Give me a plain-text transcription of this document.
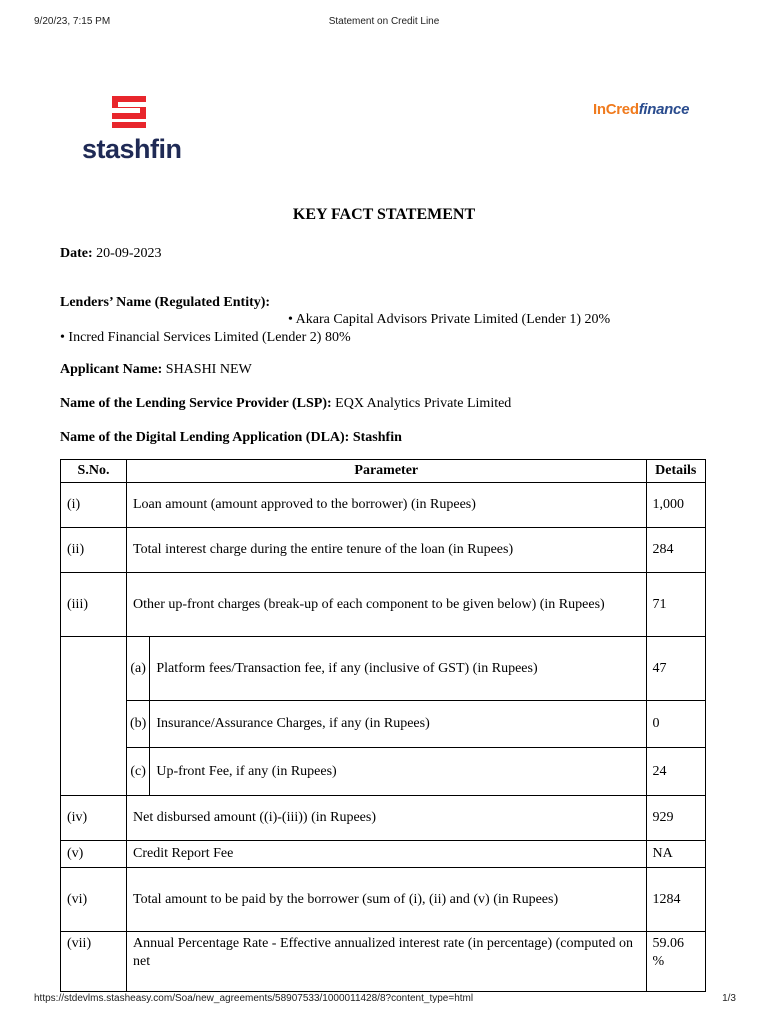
9/20/23, 7:15 PM	Statement on Credit Line
stashfin
InCredfinance
KEY FACT STATEMENT
Date: 20-09-2023
Lenders’ Name (Regulated Entity):
• Akara Capital Advisors Private Limited (Lender 1) 20%
• Incred Financial Services Limited (Lender 2) 80%
Applicant Name: SHASHI NEW
Name of the Lending Service Provider (LSP): EQX Analytics Private Limited
Name of the Digital Lending Application (DLA): Stashfin
S.No.	Parameter		Details
(i)	Loan amount (amount approved to the borrower) (in Rupees)		1,000
(ii)	Total interest charge during the entire tenure of the loan (in Rupees)		284
(iii)	Other up-front charges (break-up of each component to be given below) (in Rupees)		71
	(a)	Platform fees/Transaction fee, if any (inclusive of GST) (in Rupees)	47
	(b)	Insurance/Assurance Charges, if any (in Rupees)	0
	(c)	Up-front Fee, if any (in Rupees)	24
(iv)	Net disbursed amount ((i)-(iii)) (in Rupees)		929
(v)	Credit Report Fee		NA
(vi)	Total amount to be paid by the borrower (sum of (i), (ii) and (v) (in Rupees)		1284
(vii)	Annual Percentage Rate - Effective annualized interest rate (in percentage) (computed on net		59.06 %
https://stdevlms.stasheasy.com/Soa/new_agreements/58907533/1000011428/8?content_type=html	1/3
